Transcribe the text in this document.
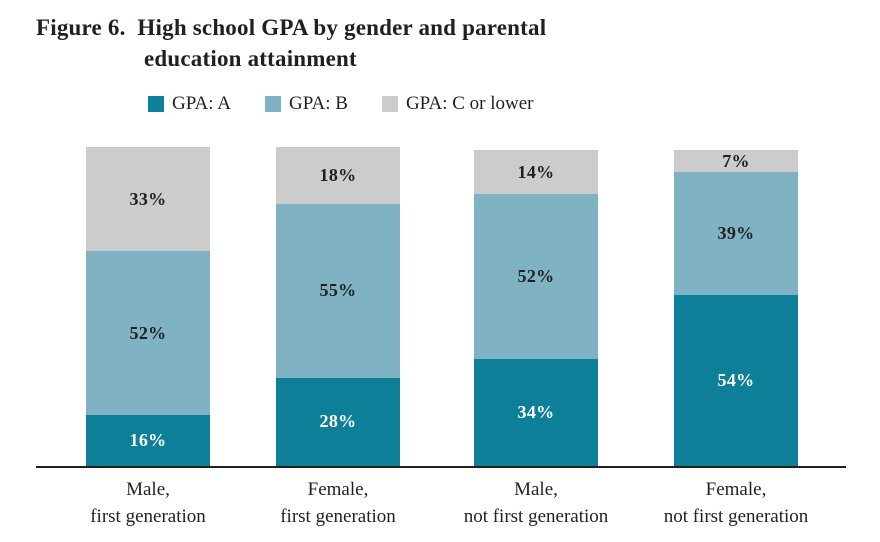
Figure 6.  High school GPA by gender and parental
education attainment
GPA: A	GPA: B	GPA: C or lower
33%
52%
16%
18%
55%
28%
14%
52%
34%
7%
39%
54%
Male,
first generation
Female,
first generation
Male,
not first generation
Female,
not first generation
